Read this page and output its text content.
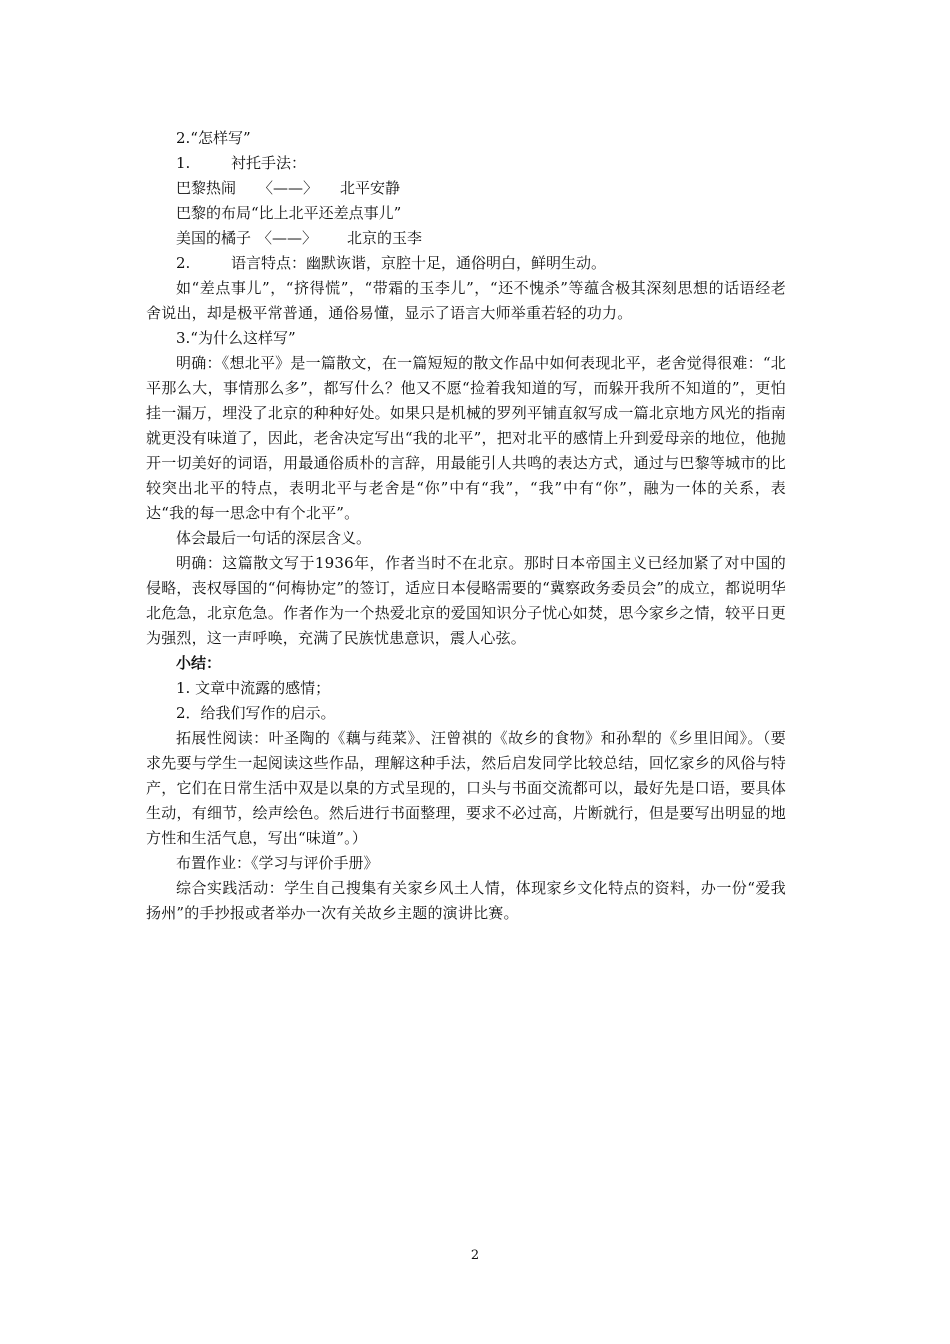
2.“怎样写”
1.	衬托手法：
巴黎热闹 〈——〉 北平安静
巴黎的布局“比上北平还差点事儿”
美国的橘子 〈——〉 北京的玉李
2.	语言特点：幽默诙谐，京腔十足，通俗明白，鲜明生动。
如“差点事儿”，“挤得慌”，“带霜的玉李儿”，“还不愧杀”等蕴含极其深刻思想的话语经老舍说出，却是极平常普通，通俗易懂，显示了语言大师举重若轻的功力。
3.“为什么这样写”
明确：《想北平》是一篇散文，在一篇短短的散文作品中如何表现北平，老舍觉得很难：“北平那么大，事情那么多”，都写什么？他又不愿“捡着我知道的写，而躲开我所不知道的”，更怕挂一漏万，埋没了北京的种种好处。如果只是机械的罗列平铺直叙写成一篇北京地方风光的指南就更没有味道了，因此，老舍决定写出“我的北平”，把对北平的感情上升到爱母亲的地位，他抛开一切美好的词语，用最通俗质朴的言辞，用最能引人共鸣的表达方式，通过与巴黎等城市的比较突出北平的特点，表明北平与老舍是“你”中有“我”，“我”中有“你”，融为一体的关系，表达“我的每一思念中有个北平”。
体会最后一句话的深层含义。
明确：这篇散文写于1936年，作者当时不在北京。那时日本帝国主义已经加紧了对中国的侵略，丧权辱国的“何梅协定”的签订，适应日本侵略需要的“冀察政务委员会”的成立，都说明华北危急，北京危急。作者作为一个热爱北京的爱国知识分子忧心如焚，思今家乡之情，较平日更为强烈，这一声呼唤，充满了民族忧患意识，震人心弦。
小结：
1. 文章中流露的感情；
2．给我们写作的启示。
拓展性阅读：叶圣陶的《藕与莼菜》、汪曾祺的《故乡的食物》和孙犁的《乡里旧闻》。（要求先要与学生一起阅读这些作品，理解这种手法，然后启发同学比较总结，回忆家乡的风俗与特产，它们在日常生活中双是以臬的方式呈现的，口头与书面交流都可以，最好先是口语，要具体生动，有细节，绘声绘色。然后进行书面整理，要求不必过高，片断就行，但是要写出明显的地方性和生活气息，写出“味道”。）
布置作业：《学习与评价手册》
综合实践活动：学生自己搜集有关家乡风土人情，体现家乡文化特点的资料，办一份“爱我扬州”的手抄报或者举办一次有关故乡主题的演讲比赛。
2
